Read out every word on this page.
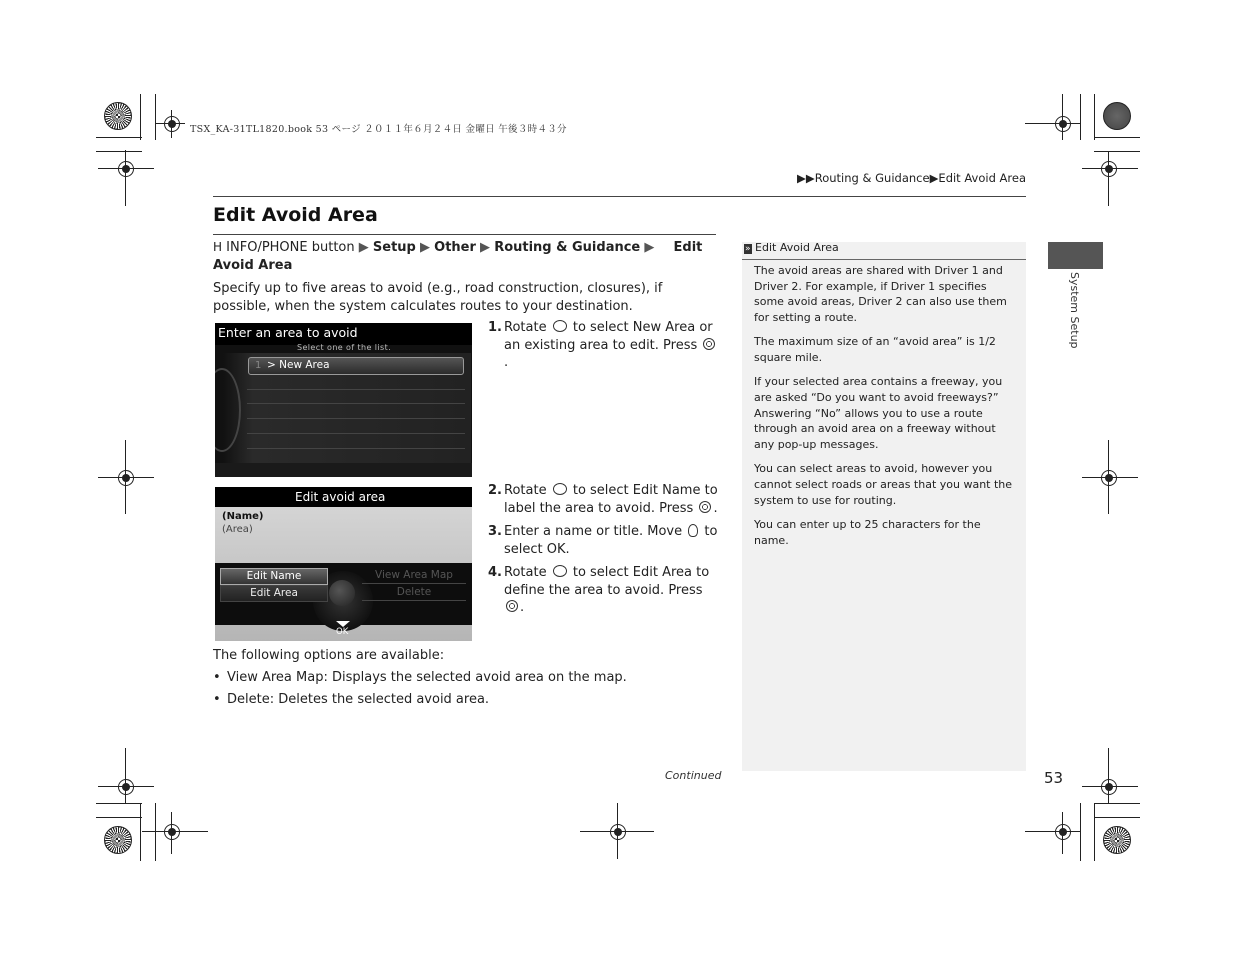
TSX_KA-31TL1820.book 53 ページ ２０１１年６月２４日 金曜日 午後３時４３分
▶▶Routing & Guidance▶Edit Avoid Area
Edit Avoid Area
H INFO/PHONE button ▶ Setup ▶ Other ▶ Routing & Guidance ▶ Edit Avoid Area
Specify up to five areas to avoid (e.g., road construction, closures), if possible, when the system calculates routes to your destination.
Enter an area to avoid
Select one of the list.
1 > New Area
Edit avoid area
(Name)
(Area)
Edit Name
Edit Area
View Area Map
Delete
OK
1. Rotate to select New Area or an existing area to edit. Press .
2. Rotate to select Edit Name to label the area to avoid. Press .
3. Enter a name or title. Move to select OK.
4. Rotate to select Edit Area to define the area to avoid. Press .
The following options are available:
• View Area Map: Displays the selected avoid area on the map.
• Delete: Deletes the selected avoid area.
Continued
» Edit Avoid Area

The avoid areas are shared with Driver 1 and Driver 2. For example, if Driver 1 specifies some avoid areas, Driver 2 can also use them for setting a route.

The maximum size of an “avoid area” is 1/2 square mile.

If your selected area contains a freeway, you are asked “Do you want to avoid freeways?” Answering “No” allows you to use a route through an avoid area on a freeway without any pop-up messages.

You can select areas to avoid, however you cannot select roads or areas that you want the system to use for routing.

You can enter up to 25 characters for the name.

System Setup
53
